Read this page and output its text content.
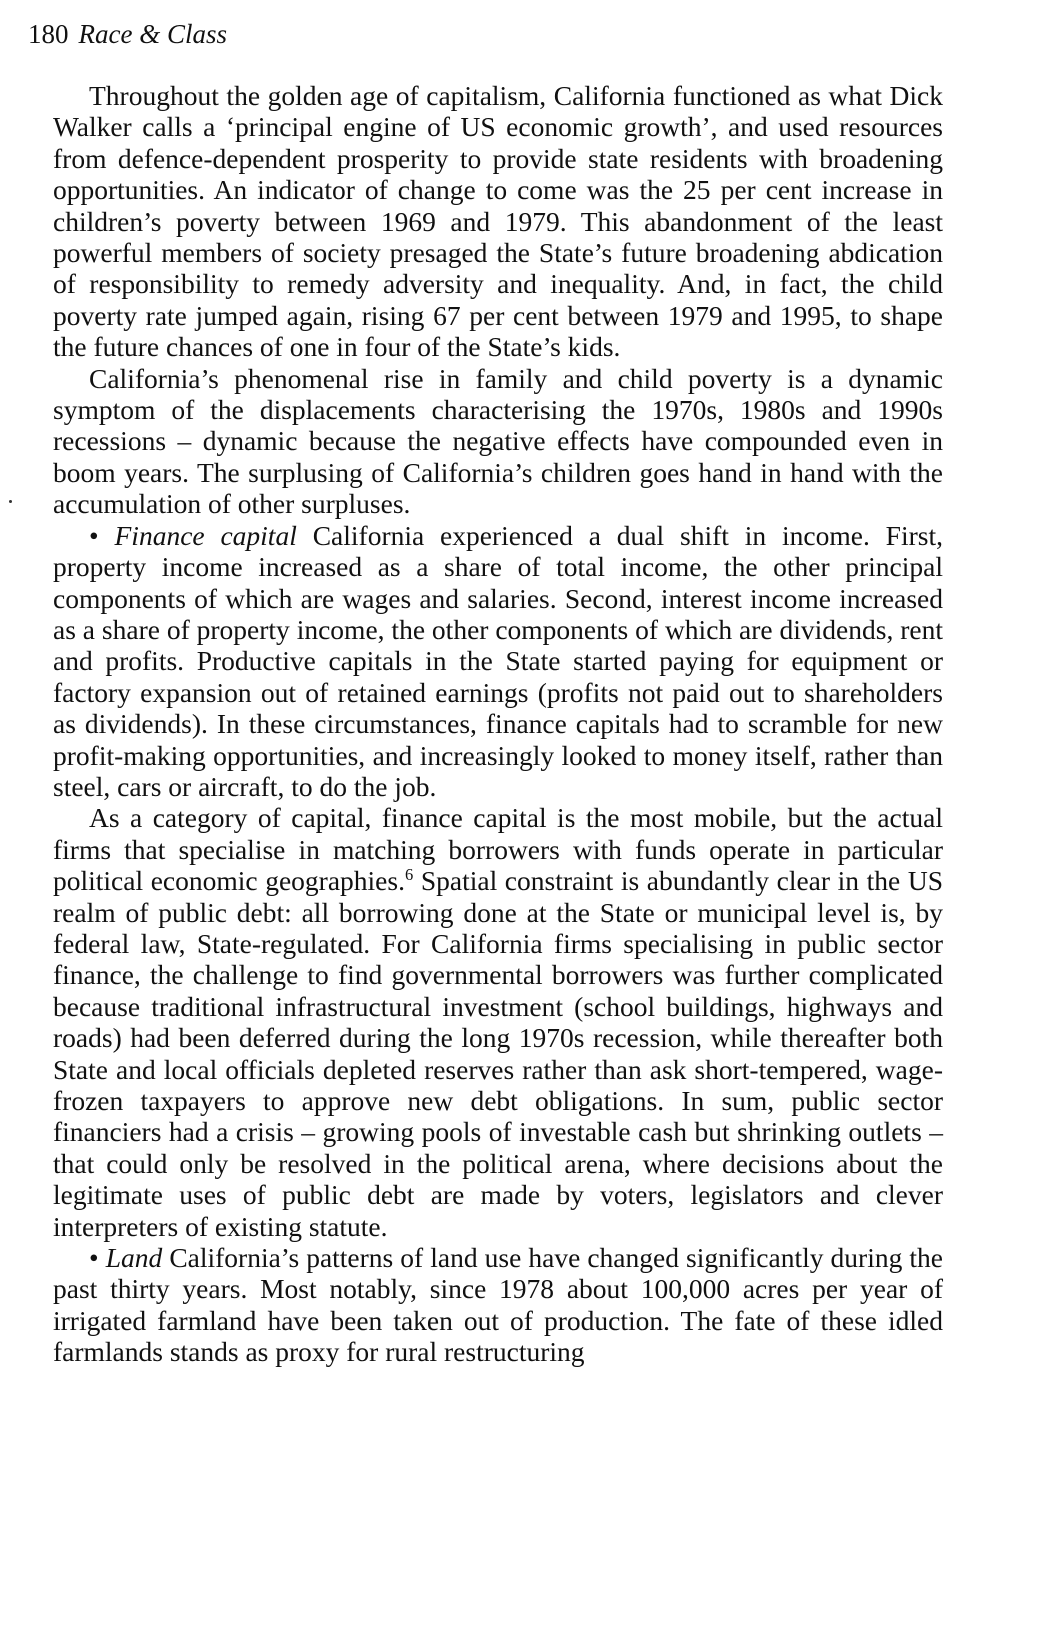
180 Race & Class

Throughout the golden age of capitalism, California functioned as what Dick Walker calls a ‘principal engine of US economic growth’, and used resources from defence-dependent prosperity to provide state residents with broadening opportunities. An indicator of change to come was the 25 per cent increase in children’s poverty between 1969 and 1979. This abandonment of the least powerful members of society presaged the State’s future broadening abdication of responsibility to remedy adversity and inequality. And, in fact, the child poverty rate jumped again, rising 67 per cent between 1979 and 1995, to shape the future chances of one in four of the State’s kids.

California’s phenomenal rise in family and child poverty is a dynamic symptom of the displacements characterising the 1970s, 1980s and 1990s recessions – dynamic because the negative effects have compounded even in boom years. The surplusing of California’s children goes hand in hand with the accumulation of other surpluses.

• Finance capital California experienced a dual shift in income. First, property income increased as a share of total income, the other principal components of which are wages and salaries. Second, interest income increased as a share of property income, the other components of which are dividends, rent and profits. Productive capitals in the State started paying for equipment or factory expansion out of retained earnings (profits not paid out to shareholders as dividends). In these circumstances, finance capitals had to scramble for new profit-making opportunities, and increasingly looked to money itself, rather than steel, cars or aircraft, to do the job.

As a category of capital, finance capital is the most mobile, but the actual firms that specialise in matching borrowers with funds operate in particular political economic geographies.$^6$ Spatial constraint is abundantly clear in the US realm of public debt: all borrowing done at the State or municipal level is, by federal law, State-regulated. For California firms specialising in public sector finance, the challenge to find governmental borrowers was further complicated because traditional infrastructural investment (school buildings, highways and roads) had been deferred during the long 1970s recession, while thereafter both State and local officials depleted reserves rather than ask short-tempered, wage-frozen taxpayers to approve new debt obligations. In sum, public sector financiers had a crisis – growing pools of investable cash but shrinking outlets – that could only be resolved in the political arena, where decisions about the legitimate uses of public debt are made by voters, legislators and clever interpreters of existing statute.

• Land California’s patterns of land use have changed significantly during the past thirty years. Most notably, since 1978 about 100,000 acres per year of irrigated farmland have been taken out of production. The fate of these idled farmlands stands as proxy for rural restructuring
